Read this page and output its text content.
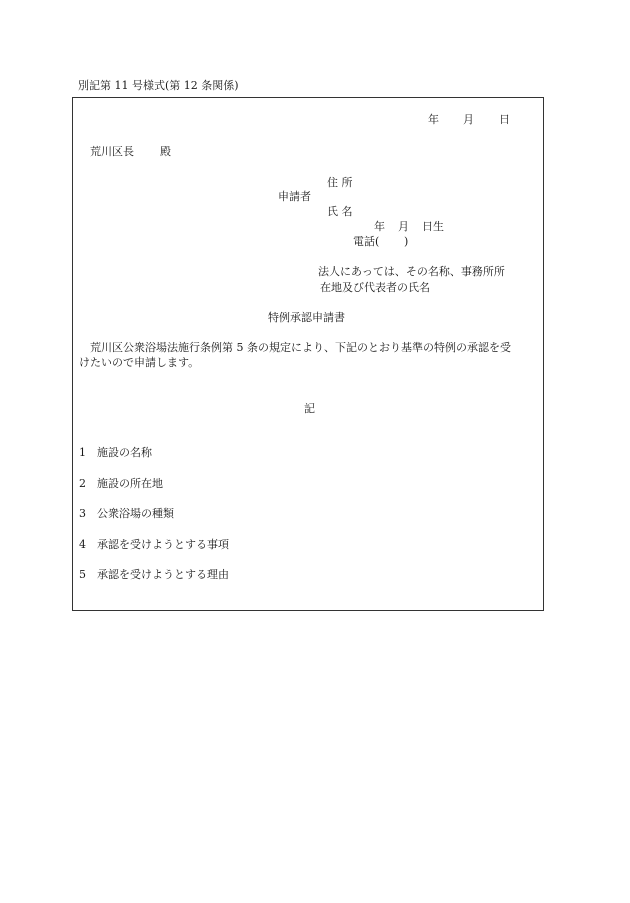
別記第 11 号様式(第 12 条関係)
年 月 日
荒川区長 殿
住 所
申請者
氏 名
年 月 日生
電話( )
法人にあっては、その名称、事務所所
在地及び代表者の氏名
特例承認申請書
荒川区公衆浴場法施行条例第 5 条の規定により、下記のとおり基準の特例の承認を受
けたいので申請します。
記
1 施設の名称
2 施設の所在地
3 公衆浴場の種類
4 承認を受けようとする事項
5 承認を受けようとする理由
